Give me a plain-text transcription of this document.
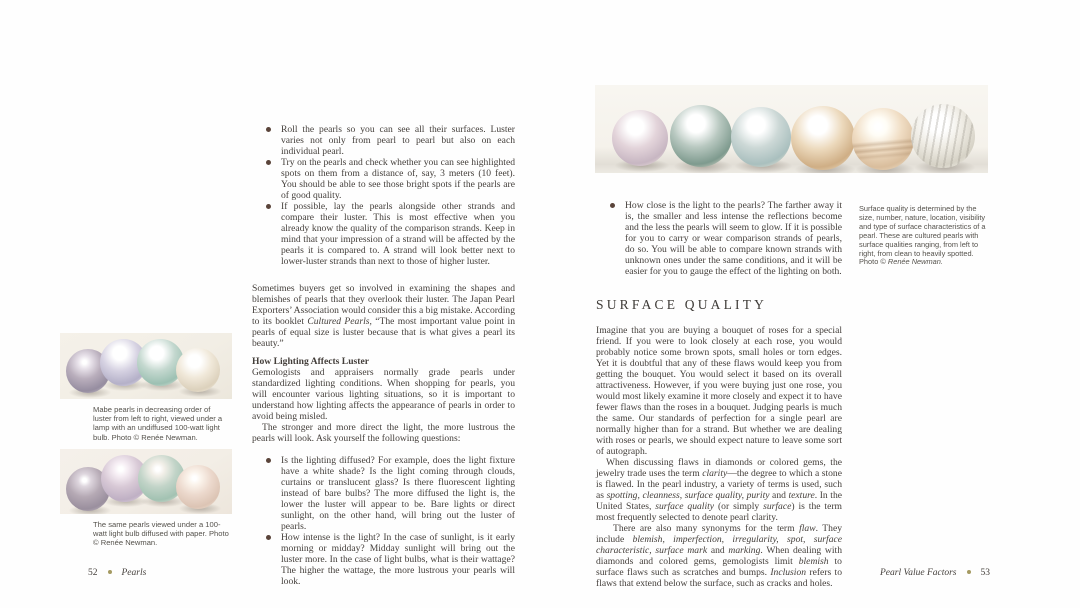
Mabe pearls in decreasing order of luster from left to right, viewed under a lamp with an undiffused 100-watt light bulb. Photo © Renée Newman.
The same pearls viewed under a 100-watt light bulb diffused with paper. Photo © Renée Newman.
Roll the pearls so you can see all their surfaces. Luster varies not only from pearl to pearl but also on each individual pearl.
Try on the pearls and check whether you can see highlighted spots on them from a distance of, say, 3 meters (10 feet). You should be able to see those bright spots if the pearls are of good quality.
If possible, lay the pearls alongside other strands and compare their luster. This is most effective when you already know the quality of the comparison strands. Keep in mind that your impression of a strand will be affected by the pearls it is compared to. A strand will look better next to lower-luster strands than next to those of higher luster.

Sometimes buyers get so involved in examining the shapes and blemishes of pearls that they overlook their luster. The Japan Pearl Exporters’ Association would consider this a big mistake. According to its booklet Cultured Pearls, “The most important value point in pearls of equal size is luster because that is what gives a pearl its beauty.”

How Lighting Affects Luster

Gemologists and appraisers normally grade pearls under standardized lighting conditions. When shopping for pearls, you will encounter various lighting situations, so it is important to understand how lighting affects the appearance of pearls in order to avoid being misled.

The stronger and more direct the light, the more lustrous the pearls will look. Ask yourself the following questions:

Is the lighting diffused? For example, does the light fixture have a white shade? Is the light coming through clouds, curtains or translucent glass? Is there fluorescent lighting instead of bare bulbs? The more diffused the light is, the lower the luster will appear to be. Bare lights or direct sunlight, on the other hand, will bring out the luster of pearls.
How intense is the light? In the case of sunlight, is it early morning or midday? Midday sunlight will bring out the luster more. In the case of light bulbs, what is their wattage? The higher the wattage, the more lustrous your pearls will look.
52	Pearls
Surface quality is determined by the size, number, nature, location, visibility and type of surface characteristics of a pearl. These are cultured pearls with surface qualities ranging, from left to right, from clean to heavily spotted. Photo © Renée Newman.
How close is the light to the pearls? The farther away it is, the smaller and less intense the reflections become and the less the pearls will seem to glow. If it is possible for you to carry or wear comparison strands of pearls, do so. You will be able to compare known strands with unknown ones under the same conditions, and it will be easier for you to gauge the effect of the lighting on both.
SURFACE QUALITY

Imagine that you are buying a bouquet of roses for a special friend. If you were to look closely at each rose, you would probably notice some brown spots, small holes or torn edges. Yet it is doubtful that any of these flaws would keep you from getting the bouquet. You would select it based on its overall attractiveness. However, if you were buying just one rose, you would most likely examine it more closely and expect it to have fewer flaws than the roses in a bouquet. Judging pearls is much the same. Our standards of perfection for a single pearl are normally higher than for a strand. But whether we are dealing with roses or pearls, we should expect nature to leave some sort of autograph.

When discussing flaws in diamonds or colored gems, the jewelry trade uses the term clarity—the degree to which a stone is flawed. In the pearl industry, a variety of terms is used, such as spotting, cleanness, surface quality, purity and texture. In the United States, surface quality (or simply surface) is the term most frequently selected to denote pearl clarity.

There are also many synonyms for the term flaw. They include blemish, imperfection, irregularity, spot, surface characteristic, surface mark and marking. When dealing with diamonds and colored gems, gemologists limit blemish to surface flaws such as scratches and bumps. Inclusion refers to flaws that extend below the surface, such as cracks and holes.

Pearl Value Factors	53
